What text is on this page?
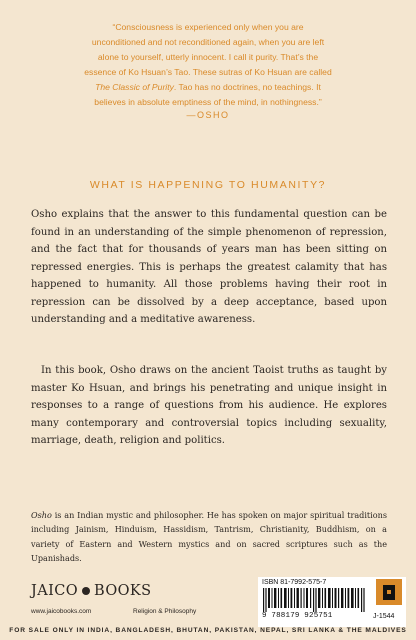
“Consciousness is experienced only when you are
unconditioned and not reconditioned again, when you are left
alone to yourself, utterly innocent. I call it purity. That’s the
essence of Ko Hsuan’s Tao. These sutras of Ko Hsuan are called
The Classic of Purity. Tao has no doctrines, no teachings. It
believes in absolute emptiness of the mind, in nothingness.”
—OSHO
WHAT IS HAPPENING TO HUMANITY?
Osho explains that the answer to this fundamental question can be found in an understanding of the simple phenomenon of repression, and the fact that for thousands of years man has been sitting on repressed energies. This is perhaps the greatest calamity that has happened to humanity. All those problems having their root in repression can be dissolved by a deep acceptance, based upon understanding and a meditative awareness.
In this book, Osho draws on the ancient Taoist truths as taught by master Ko Hsuan, and brings his penetrating and unique insight in responses to a range of questions from his audience. He explores many contemporary and controversial topics including sexuality, marriage, death, religion and politics.
Osho is an Indian mystic and philosopher. He has spoken on major spiritual traditions including Jainism, Hinduism, Hassidism, Tantrism, Christianity, Buddhism, on a variety of Eastern and Western mystics and on sacred scriptures such as the Upanishads.
JAICO BOOKS
www.jaicobooks.com	Religion & Philosophy
ISBN 81-7992-575-7
9 788179 925751	J-1544
FOR SALE ONLY IN INDIA, BANGLADESH, BHUTAN, PAKISTAN, NEPAL, SRI LANKA & THE MALDIVES
